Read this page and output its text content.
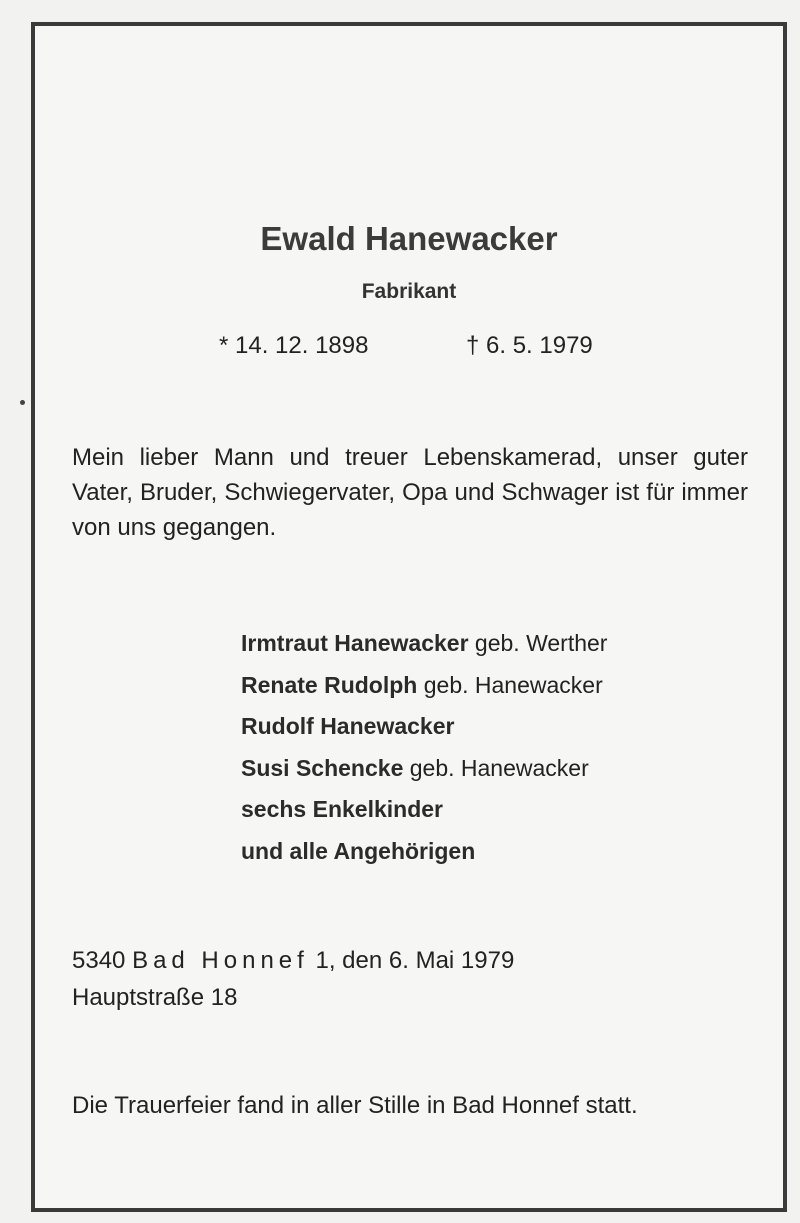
Ewald Hanewacker
Fabrikant
* 14. 12. 1898	† 6. 5. 1979
Mein lieber Mann und treuer Lebenskamerad, unser guter Vater, Bruder, Schwiegervater, Opa und Schwager ist für immer von uns gegangen.
Irmtraut Hanewacker geb. Werther
Renate Rudolph geb. Hanewacker
Rudolf Hanewacker
Susi Schencke geb. Hanewacker
sechs Enkelkinder
und alle Angehörigen
5340 Bad Honnef 1, den 6. Mai 1979
Hauptstraße 18
Die Trauerfeier fand in aller Stille in Bad Honnef statt.
